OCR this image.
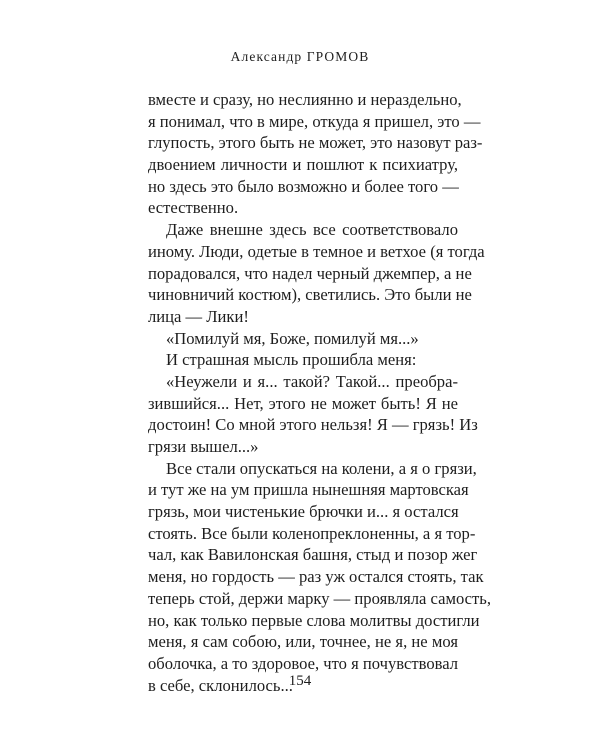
Александр ГРОМОВ
вместе и сразу, но неслиянно и нераздельно,
я понимал, что в мире, откуда я пришел, это —
глупость, этого быть не может, это назовут раз-
двоением личности и пошлют к психиатру,
но здесь это было возможно и более того —
естественно.
Даже внешне здесь все соответствовало
иному. Люди, одетые в темное и ветхое (я тогда
порадовался, что надел черный джемпер, а не
чиновничий костюм), светились. Это были не
лица — Лики!
«Помилуй мя, Боже, помилуй мя...»
И страшная мысль прошибла меня:
«Неужели и я... такой? Такой... преобра-
зившийся... Нет, этого не может быть! Я не
достоин! Со мной этого нельзя! Я — грязь! Из
грязи вышел...»
Все стали опускаться на колени, а я о грязи,
и тут же на ум пришла нынешняя мартовская
грязь, мои чистенькие брючки и... я остался
стоять. Все были коленопреклоненны, а я тор-
чал, как Вавилонская башня, стыд и позор жег
меня, но гордость — раз уж остался стоять, так
теперь стой, держи марку — проявляла самость,
но, как только первые слова молитвы достигли
меня, я сам собою, или, точнее, не я, не моя
оболочка, а то здоровое, что я почувствовал
в себе, склонилось...
154
